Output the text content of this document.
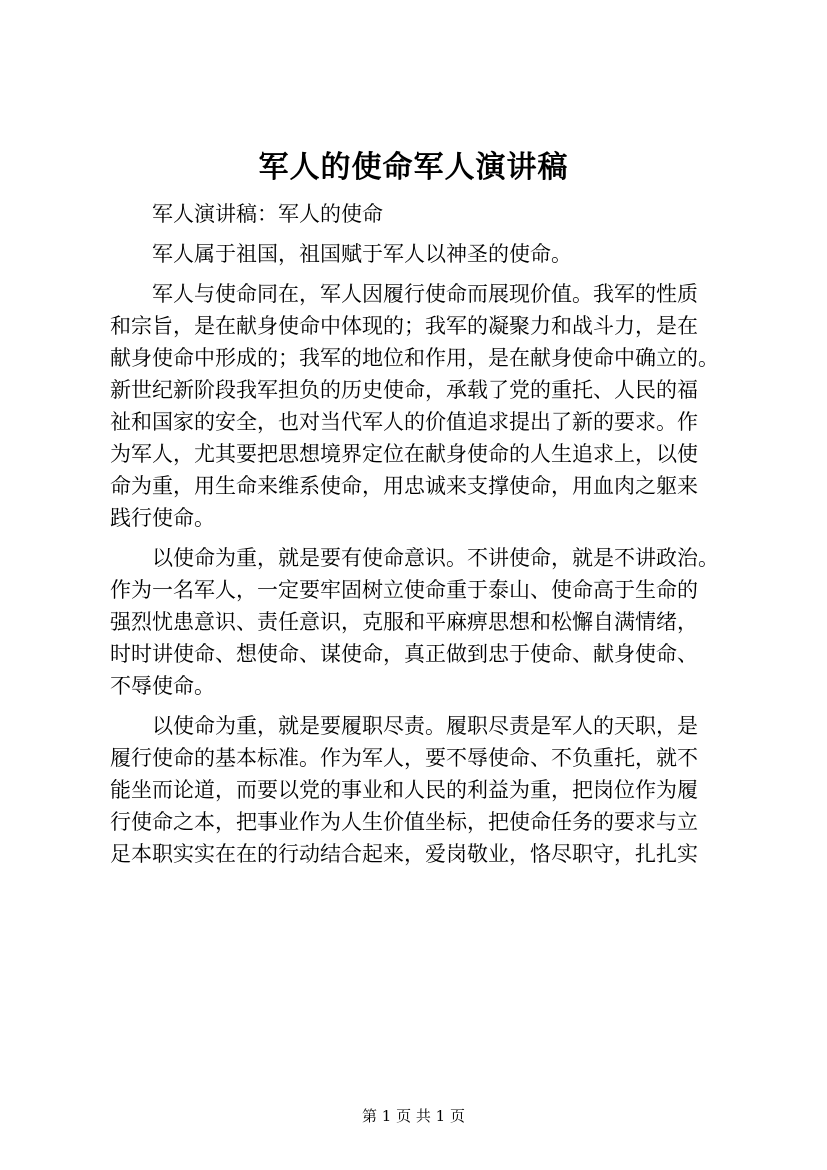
军人的使命军人演讲稿
军人演讲稿：军人的使命
军人属于祖国，祖国赋于军人以神圣的使命。
军人与使命同在，军人因履行使命而展现价值。我军的性质
和宗旨，是在献身使命中体现的；我军的凝聚力和战斗力，是在
献身使命中形成的；我军的地位和作用，是在献身使命中确立的。
新世纪新阶段我军担负的历史使命，承载了党的重托、人民的福
祉和国家的安全，也对当代军人的价值追求提出了新的要求。作
为军人，尤其要把思想境界定位在献身使命的人生追求上，以使
命为重，用生命来维系使命，用忠诚来支撑使命，用血肉之躯来
践行使命。
以使命为重，就是要有使命意识。不讲使命，就是不讲政治。
作为一名军人，一定要牢固树立使命重于泰山、使命高于生命的
强烈忧患意识、责任意识，克服和平麻痹思想和松懈自满情绪，
时时讲使命、想使命、谋使命，真正做到忠于使命、献身使命、
不辱使命。
以使命为重，就是要履职尽责。履职尽责是军人的天职，是
履行使命的基本标准。作为军人，要不辱使命、不负重托，就不
能坐而论道，而要以党的事业和人民的利益为重，把岗位作为履
行使命之本，把事业作为人生价值坐标，把使命任务的要求与立
足本职实实在在的行动结合起来，爱岗敬业，恪尽职守，扎扎实
第 1 页 共 1 页
